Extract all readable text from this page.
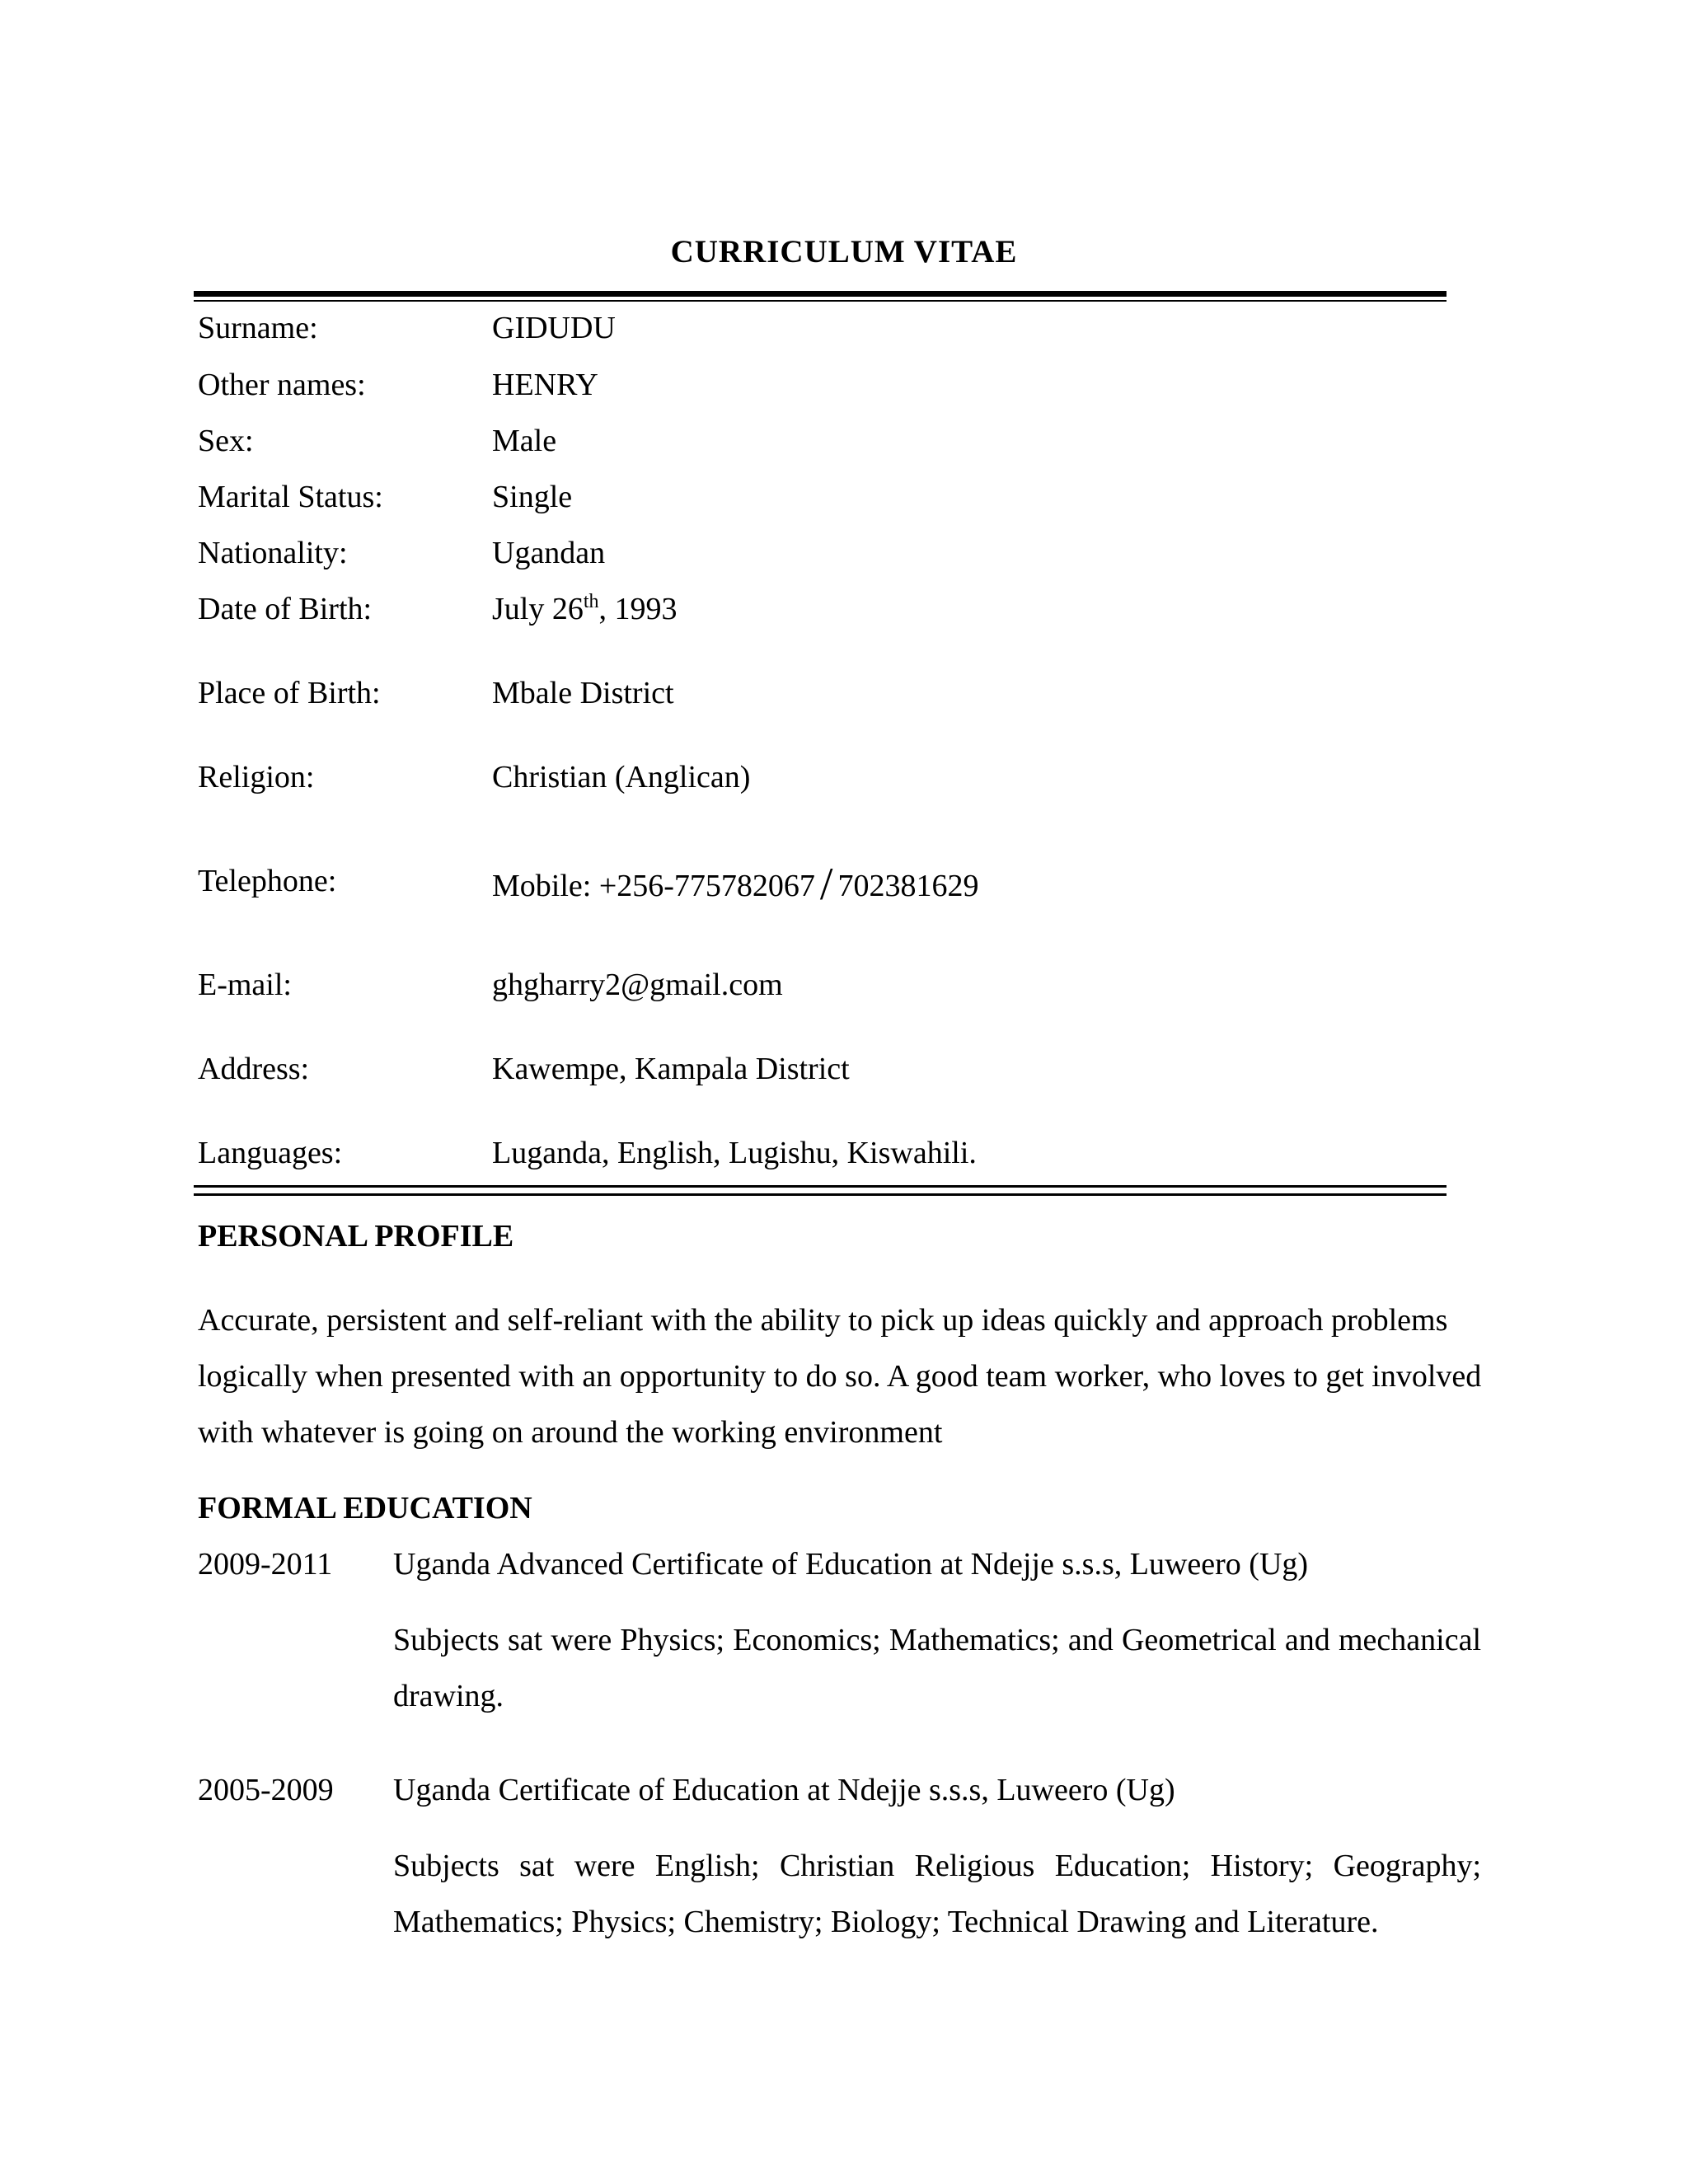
CURRICULUM VITAE
Surname:	GIDUDU
Other names:	HENRY
Sex:	Male
Marital Status:	Single
Nationality:	Ugandan
Date of Birth:	July 26th, 1993
Place of Birth:	Mbale District
Religion:	Christian (Anglican)
Telephone:	Mobile: +256-775782067 / 702381629
E-mail:	ghgharry2@gmail.com
Address:	Kawempe, Kampala District
Languages:	Luganda, English, Lugishu, Kiswahili.
PERSONAL PROFILE
Accurate, persistent and self-reliant with the ability to pick up ideas quickly and approach problems logically when presented with an opportunity to do so. A good team worker, who loves to get involved with whatever is going on around the working environment
FORMAL EDUCATION
2009-2011 Uganda Advanced Certificate of Education at Ndejje s.s.s, Luweero (Ug)
Subjects sat were Physics; Economics; Mathematics; and Geometrical and mechanical drawing.
2005-2009 Uganda Certificate of Education at Ndejje s.s.s, Luweero (Ug)
Subjects sat were English; Christian Religious Education; History; Geography; Mathematics; Physics; Chemistry; Biology; Technical Drawing and Literature.
